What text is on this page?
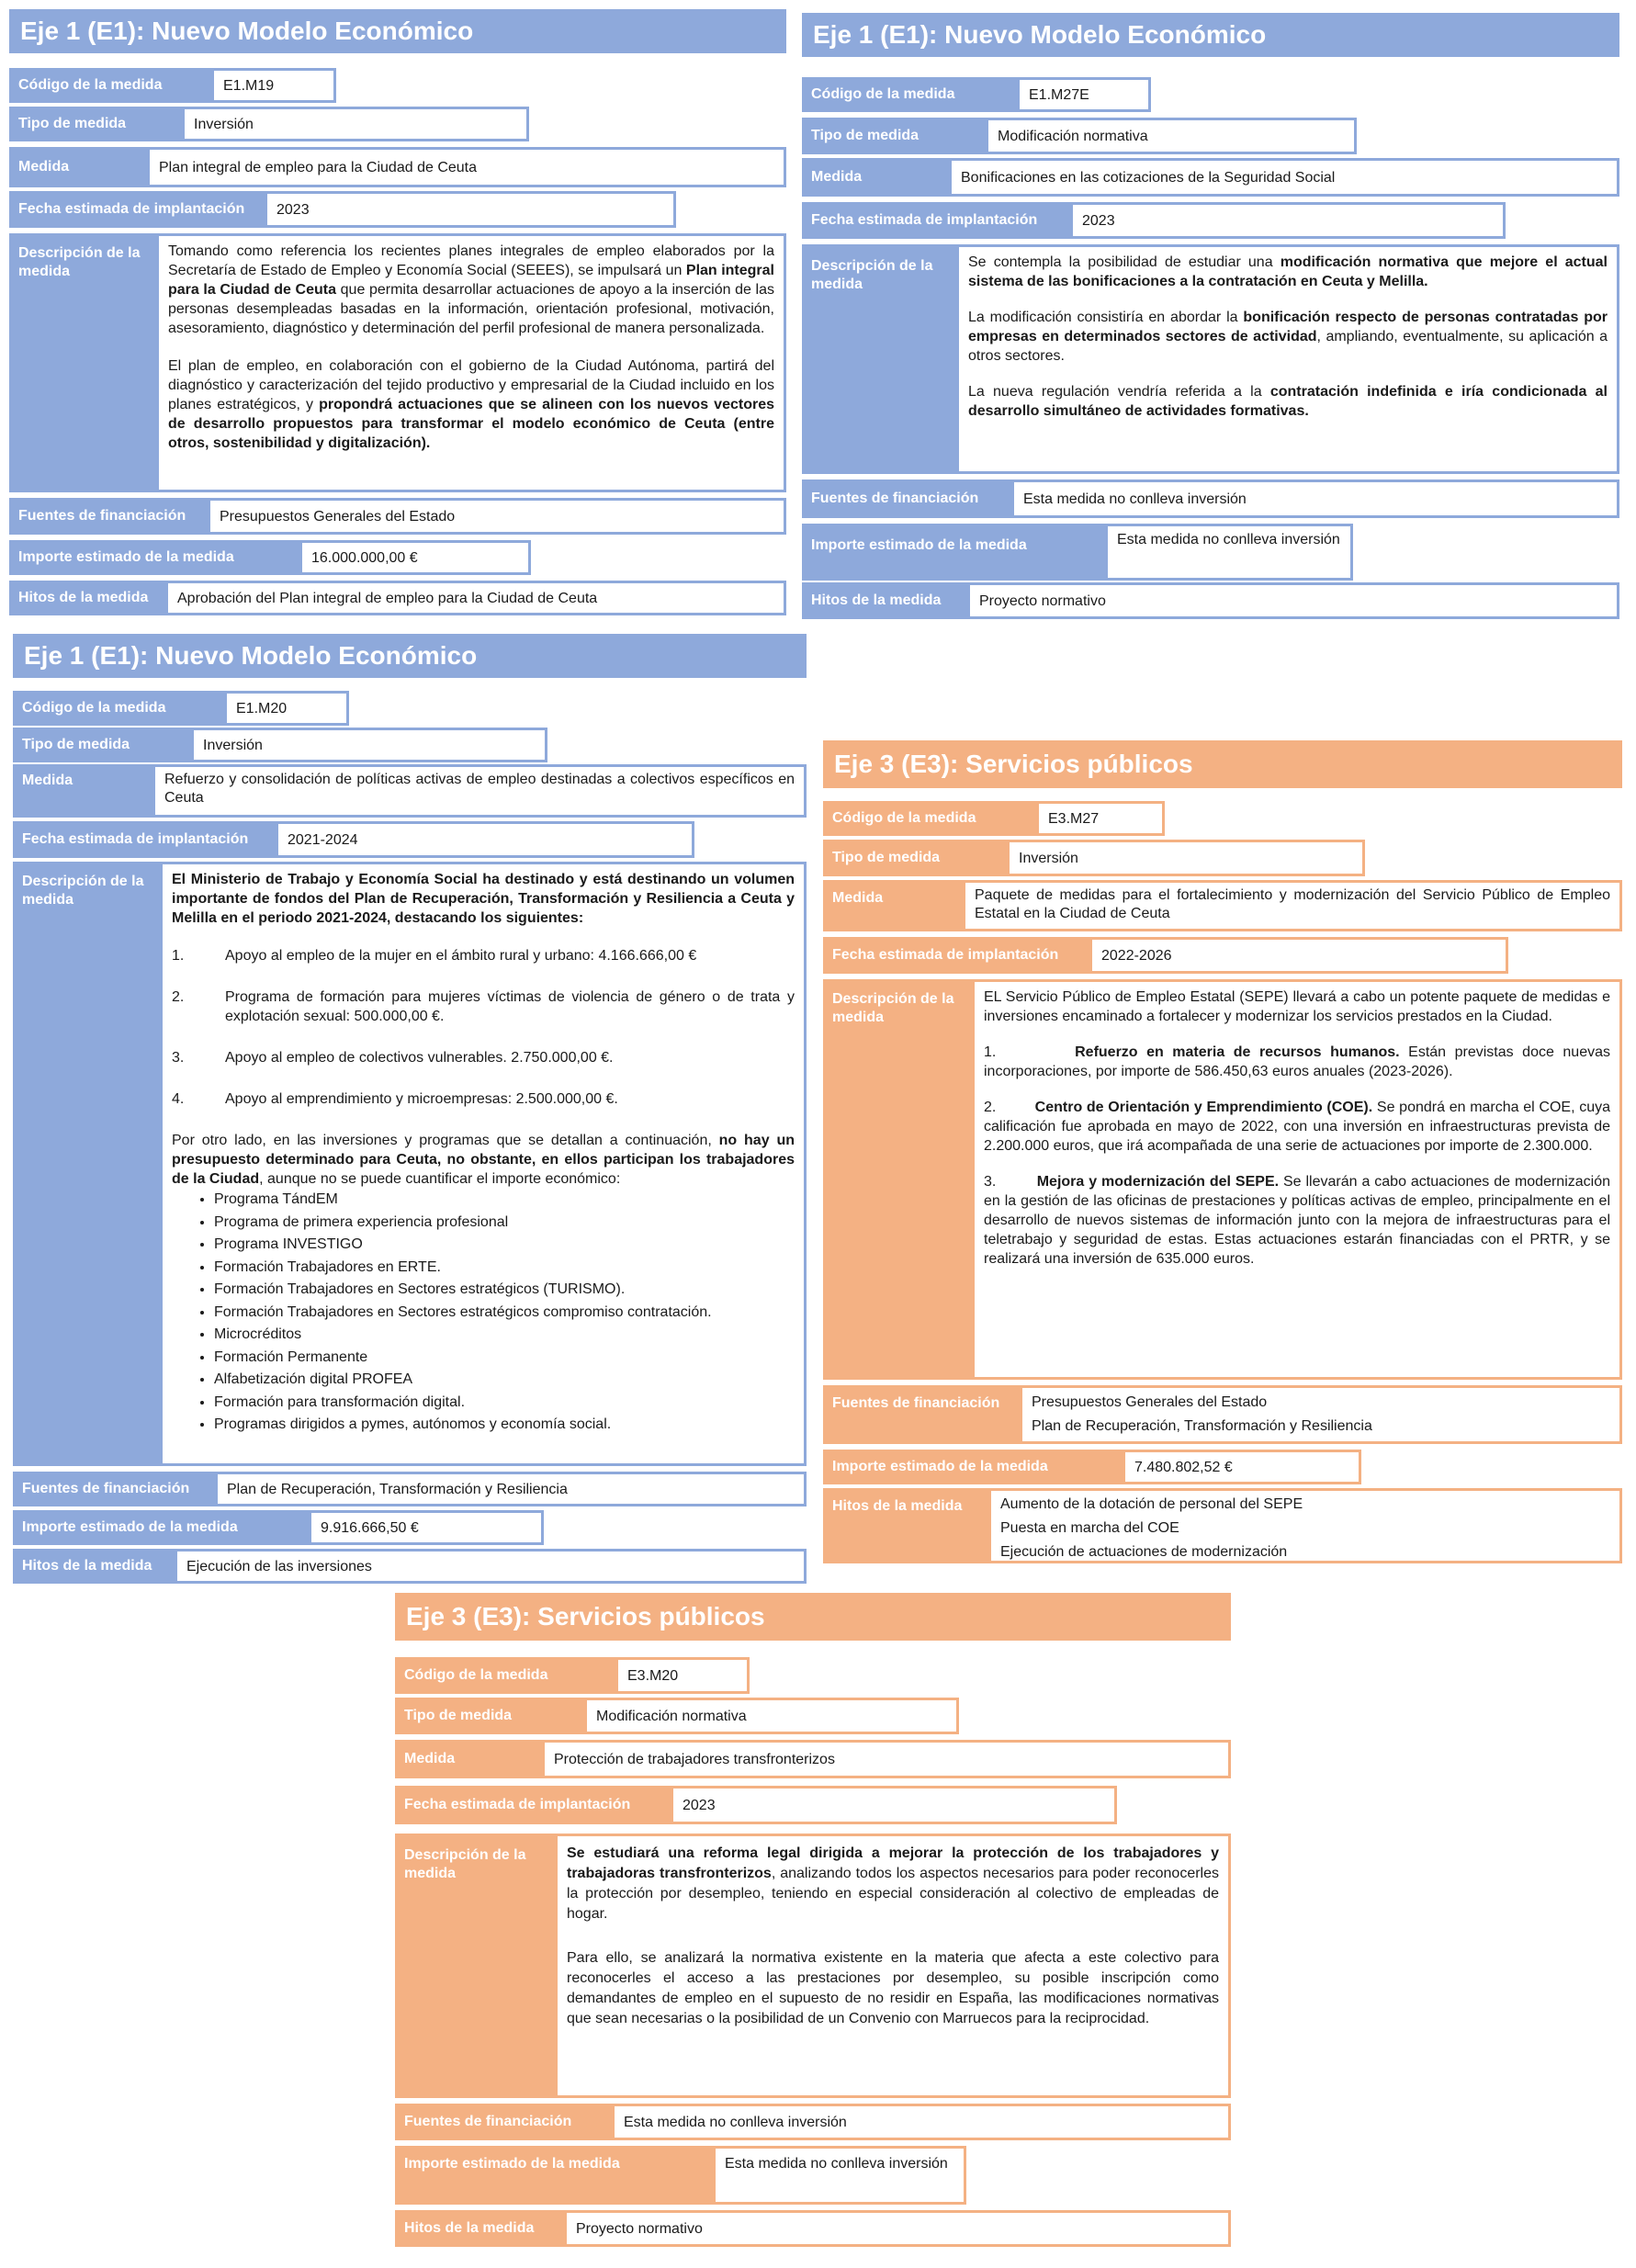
Eje 1 (E1): Nuevo Modelo Económico
Código de la medida	E1.M19
Tipo de medida	Inversión
Medida	Plan integral de empleo para la Ciudad de Ceuta
Fecha estimada de implantación	2023
Descripción de la medida

Tomando como referencia los recientes planes integrales de empleo elaborados por la Secretaría de Estado de Empleo y Economía Social (SEEES), se impulsará un Plan integral para la Ciudad de Ceuta que permita desarrollar actuaciones de apoyo a la inserción de las personas desempleadas basadas en la información, orientación profesional, motivación, asesoramiento, diagnóstico y determinación del perfil profesional de manera personalizada.

El plan de empleo, en colaboración con el gobierno de la Ciudad Autónoma, partirá del diagnóstico y caracterización del tejido productivo y empresarial de la Ciudad incluido en los planes estratégicos, y propondrá actuaciones que se alineen con los nuevos vectores de desarrollo propuestos para transformar el modelo económico de Ceuta (entre otros, sostenibilidad y digitalización).

Fuentes de financiación	Presupuestos Generales del Estado
Importe estimado de la medida	16.000.000,00 €
Hitos de la medida	Aprobación del Plan integral de empleo para la Ciudad de Ceuta
Eje 1 (E1): Nuevo Modelo Económico
Código de la medida	E1.M27E
Tipo de medida	Modificación normativa
Medida	Bonificaciones en las cotizaciones de la Seguridad Social
Fecha estimada de implantación	2023
Descripción de la medida

Se contempla la posibilidad de estudiar una modificación normativa que mejore el actual sistema de las bonificaciones a la contratación en Ceuta y Melilla.

La modificación consistiría en abordar la bonificación respecto de personas contratadas por empresas en determinados sectores de actividad, ampliando, eventualmente, su aplicación a otros sectores.

La nueva regulación vendría referida a la contratación indefinida e iría condicionada al desarrollo simultáneo de actividades formativas.

Fuentes de financiación	Esta medida no conlleva inversión
Importe estimado de la medida	Esta medida no conlleva inversión
Hitos de la medida	Proyecto normativo
Eje 1 (E1): Nuevo Modelo Económico
Código de la medida	E1.M20
Tipo de medida	Inversión
Medida	Refuerzo y consolidación de políticas activas de empleo destinadas a colectivos específicos en Ceuta
Fecha estimada de implantación	2021-2024
Descripción de la medida

El Ministerio de Trabajo y Economía Social ha destinado y está destinando un volumen importante de fondos del Plan de Recuperación, Transformación y Resiliencia a Ceuta y Melilla en el periodo 2021-2024, destacando los siguientes:

1.	Apoyo al empleo de la mujer en el ámbito rural y urbano: 4.166.666,00 €
2.	Programa de formación para mujeres víctimas de violencia de género o de trata y explotación sexual: 500.000,00 €.
3.	Apoyo al empleo de colectivos vulnerables. 2.750.000,00 €.
4.	Apoyo al emprendimiento y microempresas: 2.500.000,00 €.

Por otro lado, en las inversiones y programas que se detallan a continuación, no hay un presupuesto determinado para Ceuta, no obstante, en ellos participan los trabajadores de la Ciudad, aunque no se puede cuantificar el importe económico:

• Programa TándEM
• Programa de primera experiencia profesional
• Programa INVESTIGO
• Formación Trabajadores en ERTE.
• Formación Trabajadores en Sectores estratégicos (TURISMO).
• Formación Trabajadores en Sectores estratégicos compromiso contratación.
• Microcréditos
• Formación Permanente
• Alfabetización digital PROFEA
• Formación para transformación digital.
• Programas dirigidos a pymes, autónomos y economía social.
Fuentes de financiación	Plan de Recuperación, Transformación y Resiliencia
Importe estimado de la medida	9.916.666,50 €
Hitos de la medida	Ejecución de las inversiones
Eje 3 (E3): Servicios públicos
Código de la medida	E3.M27
Tipo de medida	Inversión
Medida	Paquete de medidas para el fortalecimiento y modernización del Servicio Público de Empleo Estatal en la Ciudad de Ceuta
Fecha estimada de implantación	2022-2026
Descripción de la medida

EL Servicio Público de Empleo Estatal (SEPE) llevará a cabo un potente paquete de medidas e inversiones encaminado a fortalecer y modernizar los servicios prestados en la Ciudad.

1.	Refuerzo en materia de recursos humanos. Están previstas doce nuevas incorporaciones, por importe de 586.450,63 euros anuales (2023-2026).

2.	Centro de Orientación y Emprendimiento (COE). Se pondrá en marcha el COE, cuya calificación fue aprobada en mayo de 2022, con una inversión en infraestructuras prevista de 2.200.000 euros, que irá acompañada de una serie de actuaciones por importe de 2.300.000.

3.	Mejora y modernización del SEPE. Se llevarán a cabo actuaciones de modernización en la gestión de las oficinas de prestaciones y políticas activas de empleo, principalmente en el desarrollo de nuevos sistemas de información junto con la mejora de infraestructuras para el teletrabajo y seguridad de estas. Estas actuaciones estarán financiadas con el PRTR, y se realizará una inversión de 635.000 euros.

Fuentes de financiación	Presupuestos Generales del Estado
Plan de Recuperación, Transformación y Resiliencia
Importe estimado de la medida	7.480.802,52 €
Hitos de la medida	Aumento de la dotación de personal del SEPE
Puesta en marcha del COE
Ejecución de actuaciones de modernización
Eje 3 (E3): Servicios públicos
Código de la medida	E3.M20
Tipo de medida	Modificación normativa
Medida	Protección de trabajadores transfronterizos
Fecha estimada de implantación	2023
Descripción de la medida

Se estudiará una reforma legal dirigida a mejorar la protección de los trabajadores y trabajadoras transfronterizos, analizando todos los aspectos necesarios para poder reconocerles la protección por desempleo, teniendo en especial consideración al colectivo de empleadas de hogar.

Para ello, se analizará la normativa existente en la materia que afecta a este colectivo para reconocerles el acceso a las prestaciones por desempleo, su posible inscripción como demandantes de empleo en el supuesto de no residir en España, las modificaciones normativas que sean necesarias o la posibilidad de un Convenio con Marruecos para la reciprocidad.

Fuentes de financiación	Esta medida no conlleva inversión
Importe estimado de la medida	Esta medida no conlleva inversión
Hitos de la medida	Proyecto normativo
